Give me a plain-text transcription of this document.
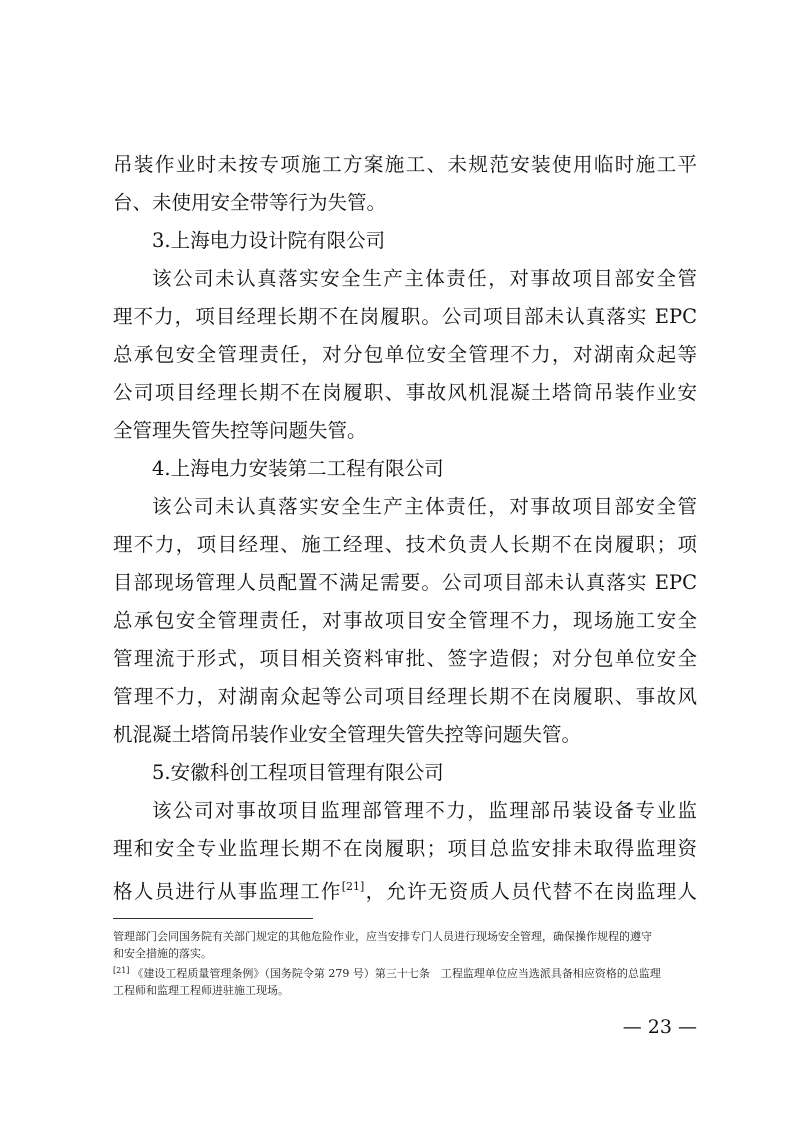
吊装作业时未按专项施工方案施工、未规范安装使用临时施工平
台、未使用安全带等行为失管。
3.上海电力设计院有限公司
该公司未认真落实安全生产主体责任，对事故项目部安全管
理不力，项目经理长期不在岗履职。公司项目部未认真落实 EPC
总承包安全管理责任，对分包单位安全管理不力，对湖南众起等
公司项目经理长期不在岗履职、事故风机混凝土塔筒吊装作业安
全管理失管失控等问题失管。
4.上海电力安装第二工程有限公司
该公司未认真落实安全生产主体责任，对事故项目部安全管
理不力，项目经理、施工经理、技术负责人长期不在岗履职；项
目部现场管理人员配置不满足需要。公司项目部未认真落实 EPC
总承包安全管理责任，对事故项目安全管理不力，现场施工安全
管理流于形式，项目相关资料审批、签字造假；对分包单位安全
管理不力，对湖南众起等公司项目经理长期不在岗履职、事故风
机混凝土塔筒吊装作业安全管理失管失控等问题失管。
5.安徽科创工程项目管理有限公司
该公司对事故项目监理部管理不力，监理部吊装设备专业监
理和安全专业监理长期不在岗履职；项目总监安排未取得监理资
格人员进行从事监理工作[21]，允许无资质人员代替不在岗监理人
管理部门会同国务院有关部门规定的其他危险作业，应当安排专门人员进行现场安全管理，确保操作规程的遵守
和安全措施的落实。
[21] 《建设工程质量管理条例》（国务院令第 279 号）第三十七条　工程监理单位应当选派具备相应资格的总监理
工程师和监理工程师进驻施工现场。
— 23 —
